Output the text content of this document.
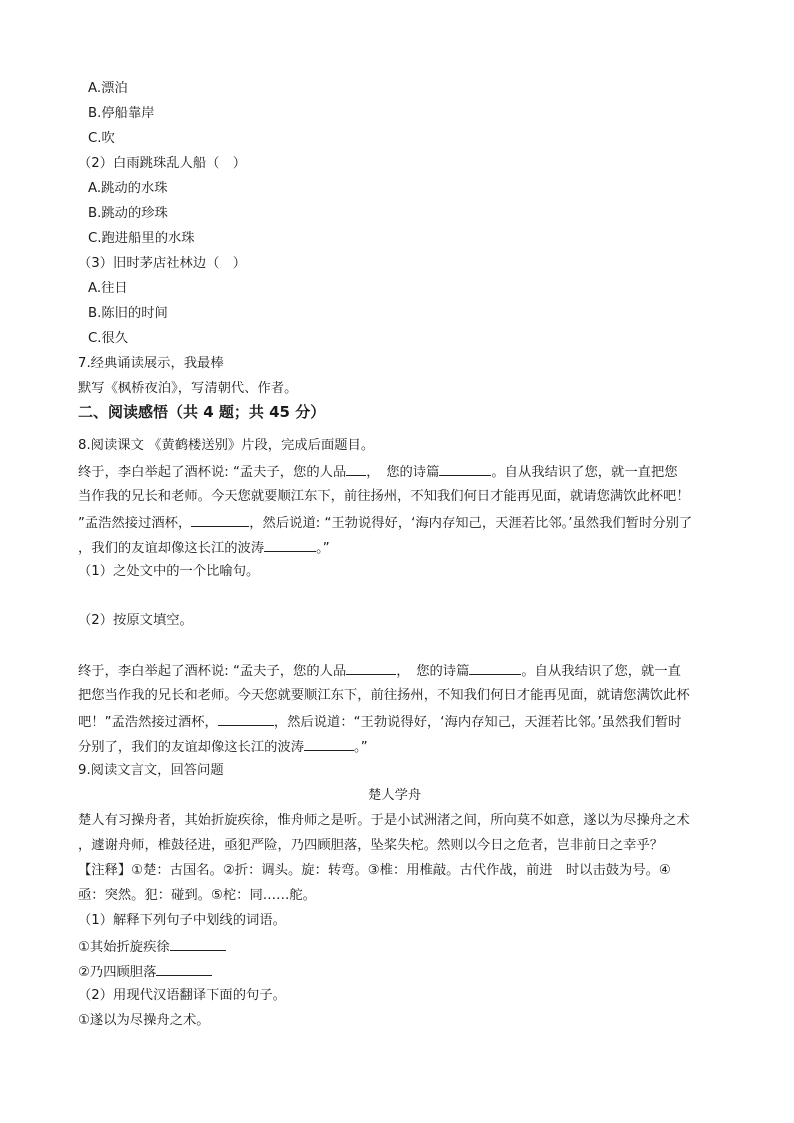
A.漂泊
B.停船靠岸
C.吹
（2）白雨跳珠乱人船（　）
A.跳动的水珠
B.跳动的珍珠
C.跑进船里的水珠
（3）旧时茅店社林边（　）
A.往日
B.陈旧的时间
C.很久
7.经典诵读展示，我最棒
默写《枫桥夜泊》，写清朝代、作者。
二、阅读感悟（共 4 题；共 45 分）
8.阅读课文 《黄鹤楼送别》片段，完成后面题目。
终于，李白举起了酒杯说: “孟夫子，您的人品 ，　您的诗篇	。自从我结识了您，就一直把您
当作我的兄长和老师。今天您就要顺江东下，前往扬州，不知我们何日才能再见面，就请您满饮此杯吧！
”孟浩然接过酒杯，	，然后说道: “王勃说得好，‘海内存知己，天涯若比邻。’虽然我们暂时分别了
，我们的友谊却像这长江的波涛	。”
（1）之处文中的一个比喻句。
（2）按原文填空。
终于，李白举起了酒杯说: “孟夫子，您的人品	，　您的诗篇	。自从我结识了您，就一直
把您当作我的兄长和老师。今天您就要顺江东下，前往扬州，不知我们何日才能再见面，就请您满饮此杯
吧！”孟浩然接过酒杯，	，然后说道：“王勃说得好，‘海内存知己，天涯若比邻。’虽然我们暂时
分别了，我们的友谊却像这长江的波涛	。”
9.阅读文言文，回答问题
楚人学舟
楚人有习操舟者，其始折旋疾徐，惟舟师之是听。于是小试洲渚之间，所向莫不如意，遂以为尽操舟之术
，遽谢舟师，椎鼓径进，亟犯严险，乃四顾胆落，坠桨失柁。然则以今日之危者，岂非前日之幸乎？
【注释】①楚：古国名。②折：调头。旋：转弯。③椎：用椎敲。古代作战，前进　时以击鼓为号。④
亟：突然。犯：碰到。⑤柁：同……舵。
（1）解释下列句子中划线的词语。
①其始折旋疾徐
②乃四顾胆落
（2）用现代汉语翻译下面的句子。
①遂以为尽操舟之术。
